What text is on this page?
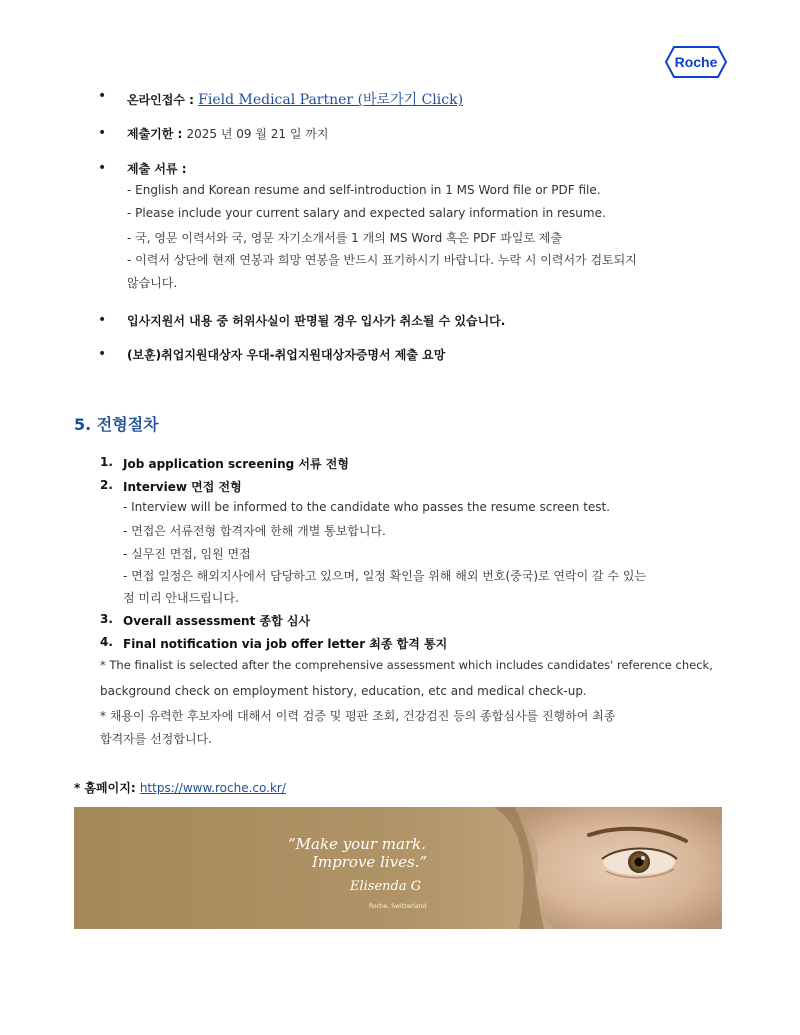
Roche
• 온라인접수 : Field Medical Partner (바로가기 Click)
• 제출기한 : 2025 년 09 월 21 일 까지
• 제출 서류 :
- English and Korean resume and self-introduction in 1 MS Word file or PDF file.
- Please include your current salary and expected salary information in resume.
- 국, 영문 이력서와 국, 영문 자기소개서를 1 개의 MS Word 혹은 PDF 파일로 제출
- 이력서 상단에 현재 연봉과 희망 연봉을 반드시 표기하시기 바랍니다. 누락 시 이력서가 검토되지
않습니다.
• 입사지원서 내용 중 허위사실이 판명될 경우 입사가 취소될 수 있습니다.
• (보훈)취업지원대상자 우대-취업지원대상자증명서 제출 요망
5. 전형절차
1. Job application screening 서류 전형
2. Interview 면접 전형
- Interview will be informed to the candidate who passes the resume screen test.
- 면접은 서류전형 합격자에 한해 개별 통보합니다.
- 실무진 면접, 임원 면접
- 면접 일정은 해외지사에서 담당하고 있으며, 일정 확인을 위해 해외 번호(중국)로 연락이 갈 수 있는
점 미리 안내드립니다.
3. Overall assessment 종합 심사
4. Final notification via job offer letter 최종 합격 통지
* The finalist is selected after the comprehensive assessment which includes candidates' reference check,
background check on employment history, education, etc and medical check-up.
* 채용이 유력한 후보자에 대해서 이력 검증 및 평판 조회, 건강검진 등의 종합심사를 진행하여 최종
합격자를 선정합니다.
* 홈페이지: https://www.roche.co.kr/
“Make your mark.
Improve lives.”
Elisenda G
Roche, Switzerland
